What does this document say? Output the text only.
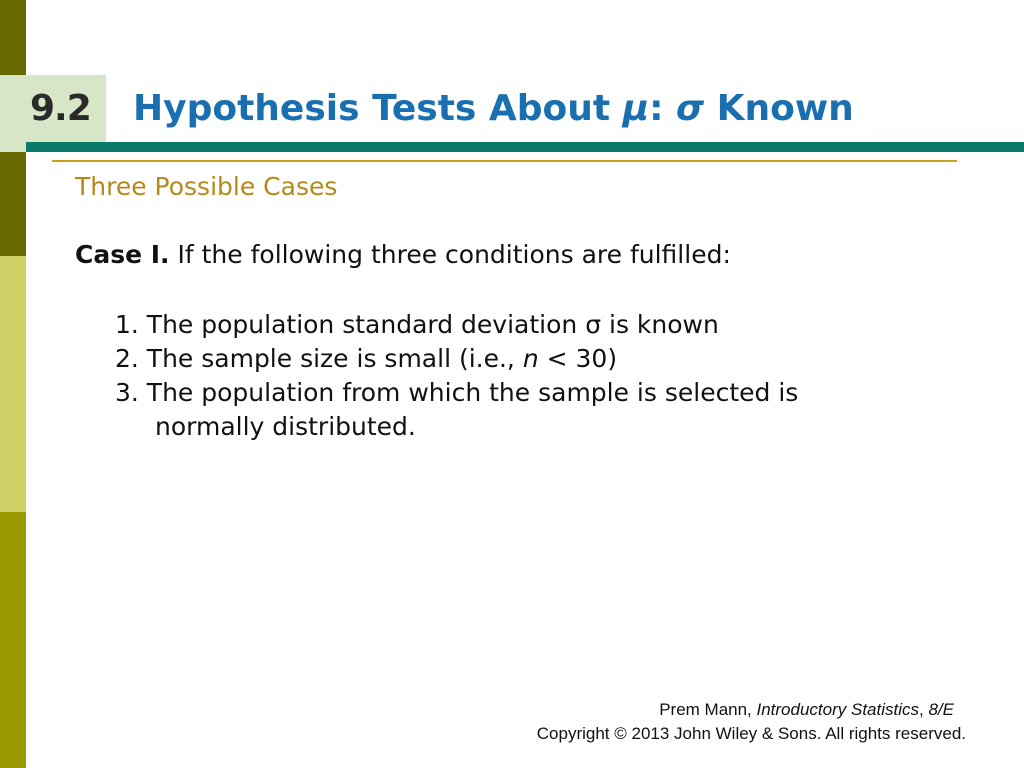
9.2 Hypothesis Tests About μ: σ Known
Three Possible Cases
Case I. If the following three conditions are fulfilled:
1. The population standard deviation σ is known
2. The sample size is small (i.e., n < 30)
3. The population from which the sample is selected is
normally distributed.
Prem Mann, Introductory Statistics, 8/E
Copyright © 2013 John Wiley & Sons. All rights reserved.
